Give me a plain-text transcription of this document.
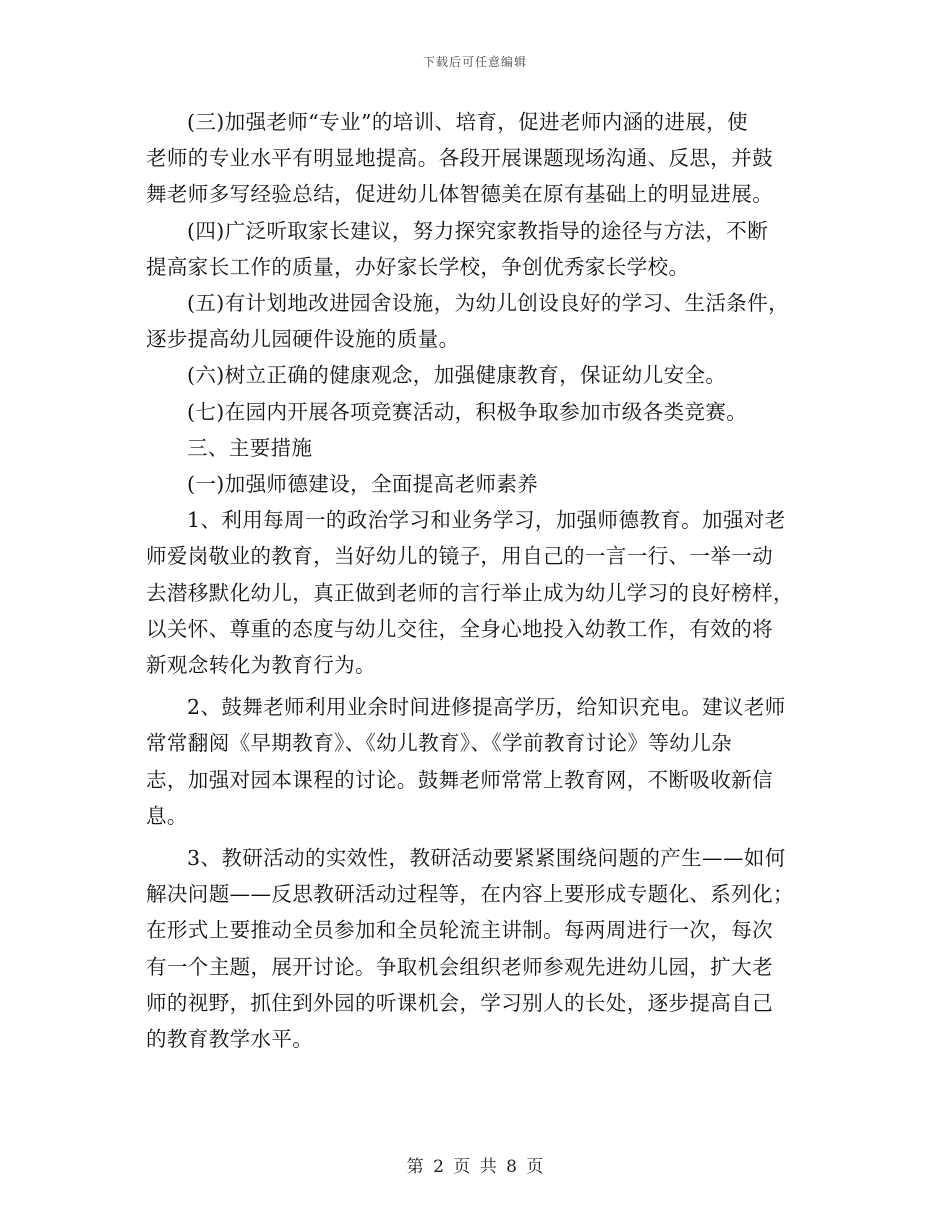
下载后可任意编辑

(三)加强老师“专业”的培训、培育，促进老师内涵的进展，使
老师的专业水平有明显地提高。各段开展课题现场沟通、反思，并鼓
舞老师多写经验总结，促进幼儿体智德美在原有基础上的明显进展。

(四)广泛听取家长建议，努力探究家教指导的途径与方法，不断
提高家长工作的质量，办好家长学校，争创优秀家长学校。

(五)有计划地改进园舍设施，为幼儿创设良好的学习、生活条件，
逐步提高幼儿园硬件设施的质量。

(六)树立正确的健康观念，加强健康教育，保证幼儿安全。

(七)在园内开展各项竞赛活动，积极争取参加市级各类竞赛。

三、主要措施

(一)加强师德建设，全面提高老师素养

1、利用每周一的政治学习和业务学习，加强师德教育。加强对老
师爱岗敬业的教育，当好幼儿的镜子，用自己的一言一行、一举一动
去潜移默化幼儿，真正做到老师的言行举止成为幼儿学习的良好榜样，
以关怀、尊重的态度与幼儿交往，全身心地投入幼教工作，有效的将
新观念转化为教育行为。

2、鼓舞老师利用业余时间进修提高学历，给知识充电。建议老师
常常翻阅《早期教育》、《幼儿教育》、《学前教育讨论》等幼儿杂
志，加强对园本课程的讨论。鼓舞老师常常上教育网，不断吸收新信
息。

3、教研活动的实效性，教研活动要紧紧围绕问题的产生——如何
解决问题——反思教研活动过程等，在内容上要形成专题化、系列化；
在形式上要推动全员参加和全员轮流主讲制。每两周进行一次，每次
有一个主题，展开讨论。争取机会组织老师参观先进幼儿园，扩大老
师的视野，抓住到外园的听课机会，学习别人的长处，逐步提高自己
的教育教学水平。

第 2 页 共 8 页
